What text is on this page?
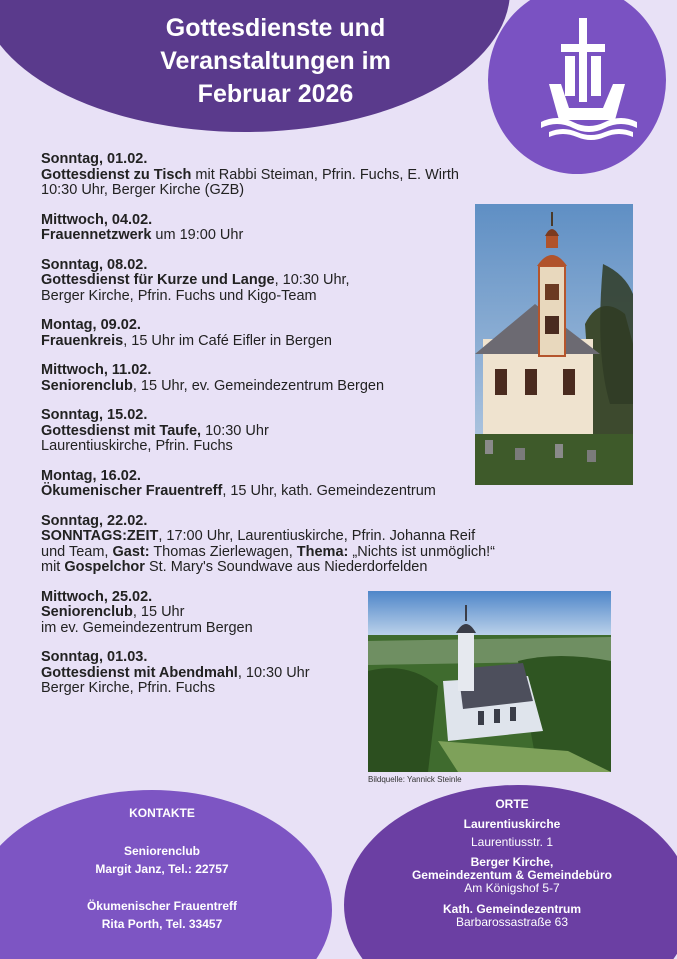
Gottesdienste und
Veranstaltungen im
Februar 2026
Sonntag, 01.02.
Gottesdienst zu Tisch mit Rabbi Steiman, Pfrin. Fuchs, E. Wirth
10:30 Uhr, Berger Kirche (GZB)
Mittwoch, 04.02.
Frauennetzwerk um 19:00 Uhr
Sonntag, 08.02.
Gottesdienst für Kurze und Lange, 10:30 Uhr,
Berger Kirche, Pfrin. Fuchs und Kigo-Team
Montag, 09.02.
Frauenkreis, 15 Uhr im Café Eifler in Bergen
Mittwoch, 11.02.
Seniorenclub, 15 Uhr, ev. Gemeindezentrum Bergen
Sonntag, 15.02.
Gottesdienst mit Taufe, 10:30 Uhr
Laurentiuskirche, Pfrin. Fuchs
Montag, 16.02.
Ökumenischer Frauentreff, 15 Uhr, kath. Gemeindezentrum
Sonntag, 22.02.
SONNTAGS:ZEIT, 17:00 Uhr, Laurentiuskirche, Pfrin. Johanna Reif
und Team, Gast: Thomas Zierlewagen, Thema: „Nichts ist unmöglich!“
mit Gospelchor St. Mary's Soundwave aus Niederdorfelden
Mittwoch, 25.02.
Seniorenclub, 15 Uhr
im ev. Gemeindezentrum Bergen
Sonntag, 01.03.
Gottesdienst mit Abendmahl, 10:30 Uhr
Berger Kirche, Pfrin. Fuchs
Bildquelle: Yannick Steinle
KONTAKTE
Seniorenclub
Margit Janz, Tel.: 22757
Ökumenischer Frauentreff
Rita Porth, Tel. 33457
ORTE
Laurentiuskirche
Laurentiusstr. 1
Berger Kirche,
Gemeindezentum & Gemeindebüro
Am Königshof 5-7
Kath. Gemeindezentrum
Barbarossastraße 63
